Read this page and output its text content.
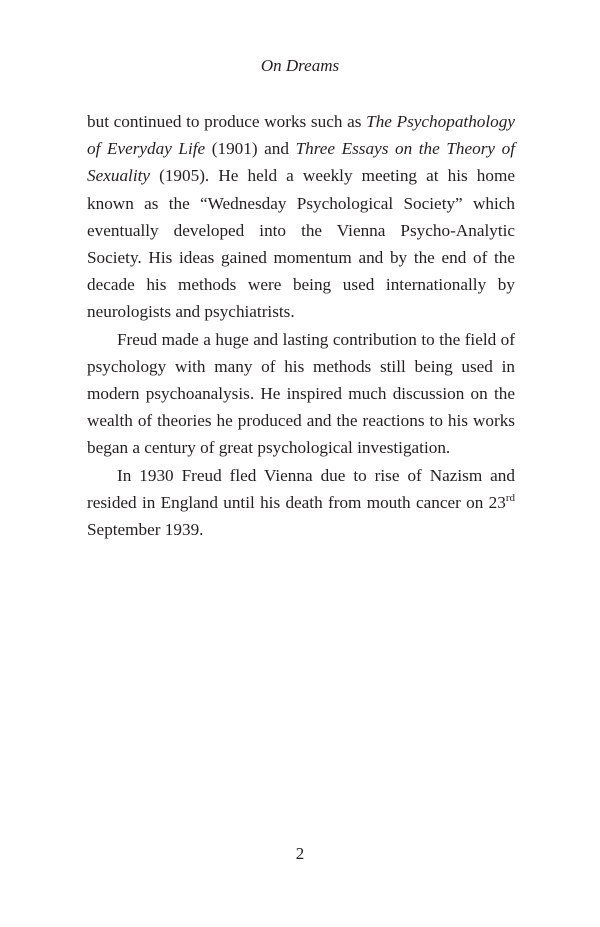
On Dreams

but continued to produce works such as The Psychopathology of Everyday Life (1901) and Three Essays on the Theory of Sexuality (1905). He held a weekly meeting at his home known as the “Wednesday Psychological Society” which eventually developed into the Vienna Psycho-Analytic Society. His ideas gained momentum and by the end of the decade his methods were being used internationally by neurologists and psychiatrists.

Freud made a huge and lasting contribution to the field of psychology with many of his methods still being used in modern psychoanalysis. He inspired much discussion on the wealth of theories he produced and the reactions to his works began a century of great psychological investigation.

In 1930 Freud fled Vienna due to rise of Nazism and resided in England until his death from mouth cancer on 23rd September 1939.

2
